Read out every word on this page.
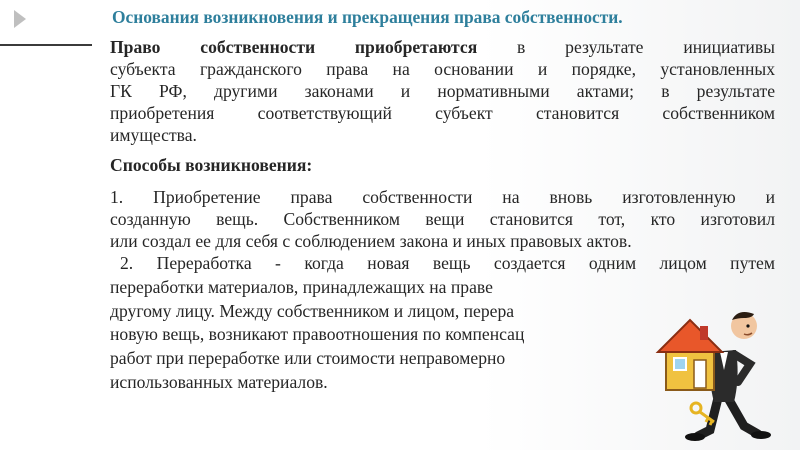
Основания возникновения и прекращения права собственности.
Право собственности приобретаются в результате инициативы
субъекта гражданского права на основании и порядке, установленных
ГК РФ, другими законами и нормативными актами; в результате
приобретения соответствующий субъект становится собственником
имущества.
Способы возникновения:
1. Приобретение права собственности на вновь изготовленную и
созданную вещь. Собственником вещи становится тот, кто изготовил
или создал ее для себя с соблюдением закона и иных правовых актов.
2. Переработка - когда новая вещь создается одним лицом путем
переработки материалов, принадлежащих на праве
другому лицу. Между собственником и лицом, перера
новую вещь, возникают правоотношения по компенсац
работ при переработке или стоимости неправомерно
использованных материалов.
